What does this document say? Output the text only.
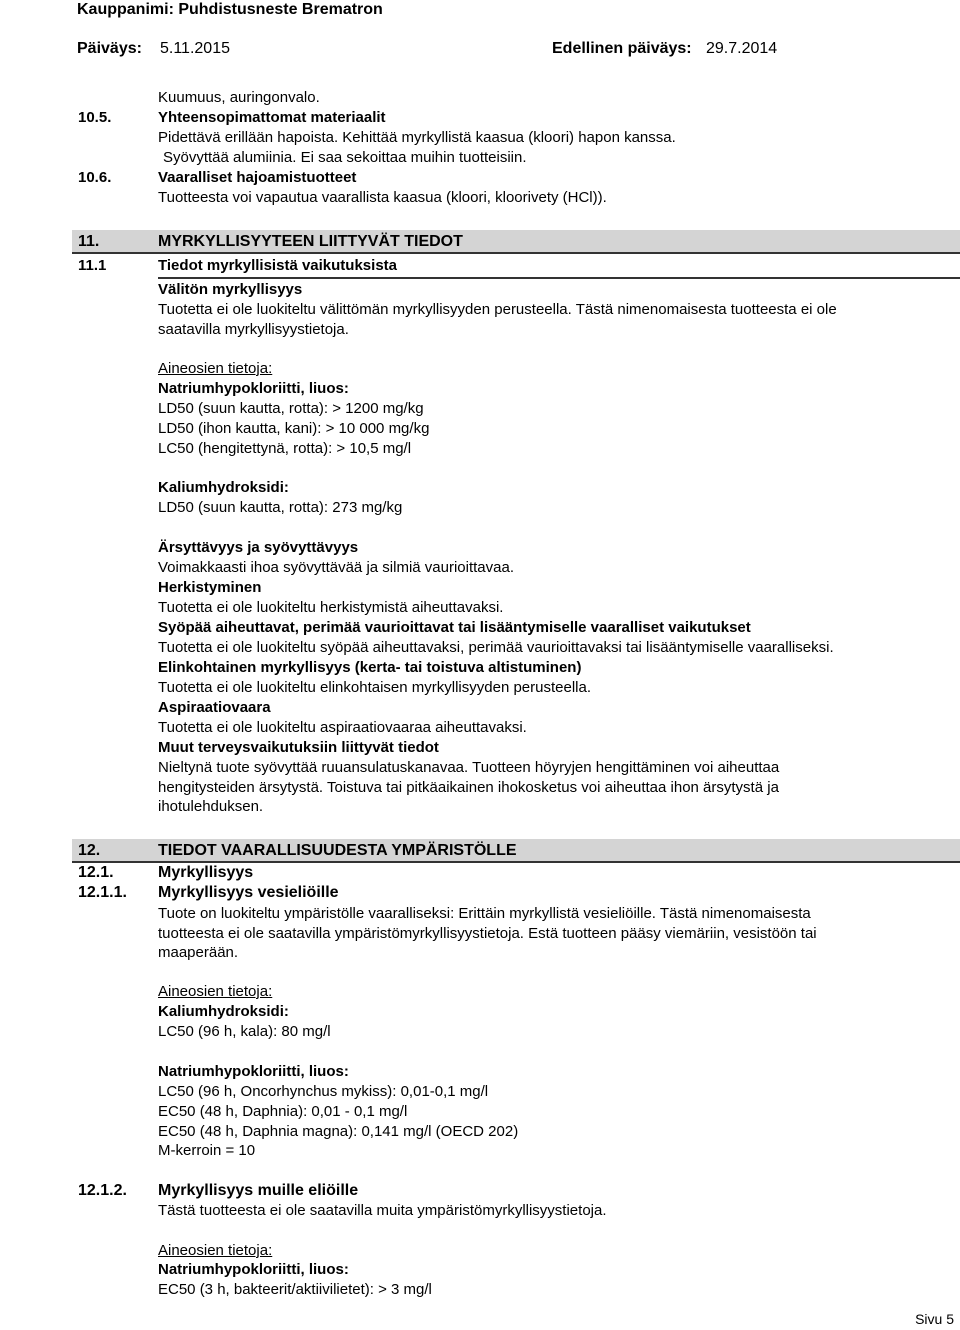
Kauppanimi: Puhdistusneste Brematron
Päiväys: 5.11.2015	Edellinen päiväys: 29.7.2014
Kuumuus, auringonvalo.
10.5.	Yhteensopimattomat materiaalit
Pidettävä erillään hapoista. Kehittää myrkyllistä kaasua (kloori) hapon kanssa.
Syövyttää alumiinia. Ei saa sekoittaa muihin tuotteisiin.
10.6.	Vaaralliset hajoamistuotteet
Tuotteesta voi vapautua vaarallista kaasua (kloori, kloorivety (HCl)).
11.	MYRKYLLISYYTEEN LIITTYVÄT TIEDOT
11.1	Tiedot myrkyllisistä vaikutuksista
Välitön myrkyllisyys
Tuotetta ei ole luokiteltu välittömän myrkyllisyyden perusteella. Tästä nimenomaisesta tuotteesta ei ole
saatavilla myrkyllisyystietoja.
Aineosien tietoja:
Natriumhypokloriitti, liuos:
LD50 (suun kautta, rotta): > 1200 mg/kg
LD50 (ihon kautta, kani): > 10 000 mg/kg
LC50 (hengitettynä, rotta): > 10,5 mg/l
Kaliumhydroksidi:
LD50 (suun kautta, rotta): 273 mg/kg
Ärsyttävyys ja syövyttävyys
Voimakkaasti ihoa syövyttävää ja silmiä vaurioittavaa.
Herkistyminen
Tuotetta ei ole luokiteltu herkistymistä aiheuttavaksi.
Syöpää aiheuttavat, perimää vaurioittavat tai lisääntymiselle vaaralliset vaikutukset
Tuotetta ei ole luokiteltu syöpää aiheuttavaksi, perimää vaurioittavaksi tai lisääntymiselle vaaralliseksi.
Elinkohtainen myrkyllisyys (kerta- tai toistuva altistuminen)
Tuotetta ei ole luokiteltu elinkohtaisen myrkyllisyyden perusteella.
Aspiraatiovaara
Tuotetta ei ole luokiteltu aspiraatiovaaraa aiheuttavaksi.
Muut terveysvaikutuksiin liittyvät tiedot
Nieltynä tuote syövyttää ruuansulatuskanavaa. Tuotteen höyryjen hengittäminen voi aiheuttaa
hengitysteiden ärsytystä. Toistuva tai pitkäaikainen ihokosketus voi aiheuttaa ihon ärsytystä ja
ihotulehduksen.
12.	TIEDOT VAARALLISUUDESTA YMPÄRISTÖLLE
12.1.	Myrkyllisyys
12.1.1. Myrkyllisyys vesieliöille
Tuote on luokiteltu ympäristölle vaaralliseksi: Erittäin myrkyllistä vesieliöille. Tästä nimenomaisesta
tuotteesta ei ole saatavilla ympäristömyrkyllisyystietoja. Estä tuotteen pääsy viemäriin, vesistöön tai
maaperään.
Aineosien tietoja:
Kaliumhydroksidi:
LC50 (96 h, kala): 80 mg/l
Natriumhypokloriitti, liuos:
LC50 (96 h, Oncorhynchus mykiss): 0,01-0,1 mg/l
EC50 (48 h, Daphnia): 0,01 - 0,1 mg/l
EC50 (48 h, Daphnia magna): 0,141 mg/l (OECD 202)
M-kerroin = 10
12.1.2. Myrkyllisyys muille eliöille
Tästä tuotteesta ei ole saatavilla muita ympäristömyrkyllisyystietoja.
Aineosien tietoja:
Natriumhypokloriitti, liuos:
EC50 (3 h, bakteerit/aktiivilietet): > 3 mg/l
Sivu 5
